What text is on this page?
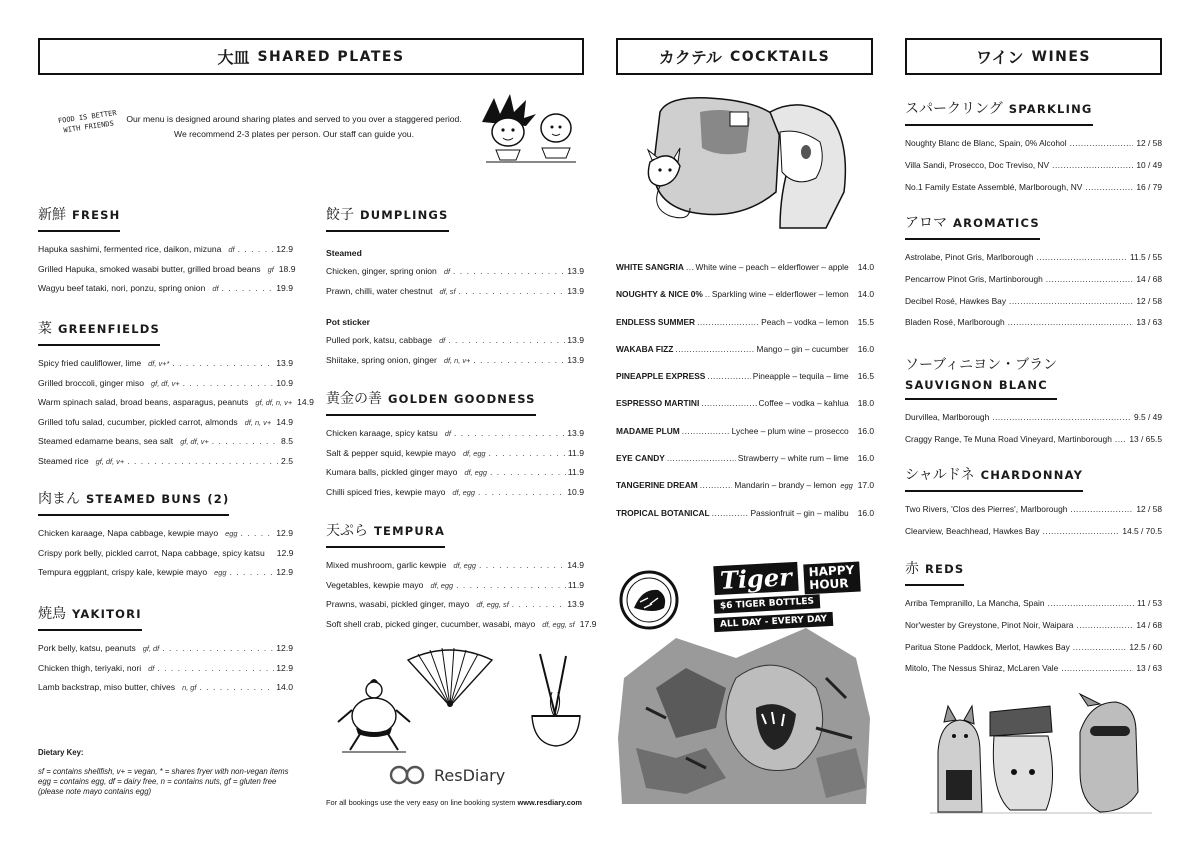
大皿 SHARED PLATES	カクテル COCKTAILS	ワイン WINES
FOOD IS BETTER WITH FRIENDS
Our menu is designed around sharing plates and served to you over a staggered period.
We recommend 2-3 plates per person. Our staff can guide you.
新鮮 FRESH
Hapuka sashimi, fermented rice, daikon, mizuna df . . .	12.9
Grilled Hapuka, smoked wasabi butter, grilled broad beans gf 18.9
Wagyu beef tataki, nori, ponzu, spring onion df . . .	19.9
菜 GREENFIELDS
Spicy fried cauliflower, lime df, v+* . . .	13.9
Grilled broccoli, ginger miso gf, df, v+ . . .	10.9
Warm spinach salad, broad beans, asparagus, peanuts gf, df, n, v+ 14.9
Grilled tofu salad, cucumber, pickled carrot, almonds df, n, v+ . . . 14.9
Steamed edamame beans, sea salt gf, df, v+ . . .	8.5
Steamed rice gf, df, v+ . . .	2.5
肉まん STEAMED BUNS (2)
Chicken karaage, Napa cabbage, kewpie mayo egg . . .	12.9
Crispy pork belly, pickled carrot, Napa cabbage, spicy katsu 12.9
Tempura eggplant, crispy kale, kewpie mayo egg . . .	12.9
焼鳥 YAKITORI
Pork belly, katsu, peanuts gf, df . . .	12.9
Chicken thigh, teriyaki, nori df . . .	12.9
Lamb backstrap, miso butter, chives n, gf . . .	14.0
Dietary Key:
sf = contains shellfish, v+ = vegan, * = shares fryer with non-vegan items
egg = contains egg, df = dairy free, n = contains nuts, gf = gluten free
(please note mayo contains egg)
餃子 DUMPLINGS
Steamed
Chicken, ginger, spring onion df . . .	13.9
Prawn, chilli, water chestnut df, sf . . .	13.9
Pot sticker
Pulled pork, katsu, cabbage df . . .	13.9
Shiitake, spring onion, ginger df, n, v+ . . .	13.9
黄金の善 GOLDEN GOODNESS
Chicken karaage, spicy katsu df . . .	13.9
Salt & pepper squid, kewpie mayo df, egg . . .	11.9
Kumara balls, pickled ginger mayo df, egg . . .	11.9
Chilli spiced fries, kewpie mayo df, egg . . .	10.9
天ぷら TEMPURA
Mixed mushroom, garlic kewpie df, egg . . .	14.9
Vegetables, kewpie mayo df, egg . . .	11.9
Prawns, wasabi, pickled ginger, mayo df, egg, sf . . .	13.9
Soft shell crab, picked ginger, cucumber, wasabi, mayo df, egg, sf 17.9
ResDiary
For all bookings use the very easy on line booking system www.resdiary.com
WHITE SANGRIA ..... White wine – peach – elderflower – apple 14.0
NOUGHTY & NICE 0% ..... Sparkling wine – elderflower – lemon 14.0
ENDLESS SUMMER .....	Peach – vodka – lemon 15.5
WAKABA FIZZ .....	Mango – gin – cucumber 16.0
PINEAPPLE EXPRESS .....	Pineapple – tequila – lime 16.5
ESPRESSO MARTINI .....	Coffee – vodka – kahlua 18.0
MADAME PLUM .....	Lychee – plum wine – prosecco 16.0
EYE CANDY .....	Strawberry – white rum – lime 16.0
TANGERINE DREAM .....	Mandarin – brandy – lemon egg 17.0
TROPICAL BOTANICAL .....	Passionfruit – gin – malibu 16.0
Tiger	HAPPY
HOUR
$6 TIGER BOTTLES
ALL DAY - EVERY DAY
スパークリング SPARKLING
Noughty Blanc de Blanc, Spain, 0% Alcohol .....	12 / 58
Villa Sandi, Prosecco, Doc Treviso, NV .....	10 / 49
No.1 Family Estate Assemblé, Marlborough, NV .....	16 / 79
アロマ AROMATICS
Astrolabe, Pinot Gris, Marlborough .....	11.5 / 55
Pencarrow Pinot Gris, Martinborough .....	14 / 68
Decibel Rosé, Hawkes Bay .....	12 / 58
Bladen Rosé, Marlborough .....	13 / 63
ソーブィニヨン・ブラン
SAUVIGNON BLANC
Durvillea, Marlborough .....	9.5 / 49
Craggy Range, Te Muna Road Vineyard, Martinborough ..... 13 / 65.5
シャルドネ CHARDONNAY
Two Rivers, 'Clos des Pierres', Marlborough .....	12 / 58
Clearview, Beachhead, Hawkes Bay .....	14.5 / 70.5
赤 REDS
Arriba Tempranillo, La Mancha, Spain .....	11 / 53
Nor'wester by Greystone, Pinot Noir, Waipara .....	14 / 68
Paritua Stone Paddock, Merlot, Hawkes Bay .....	12.5 / 60
Mitolo, The Nessus Shiraz, McLaren Vale .....	13 / 63
